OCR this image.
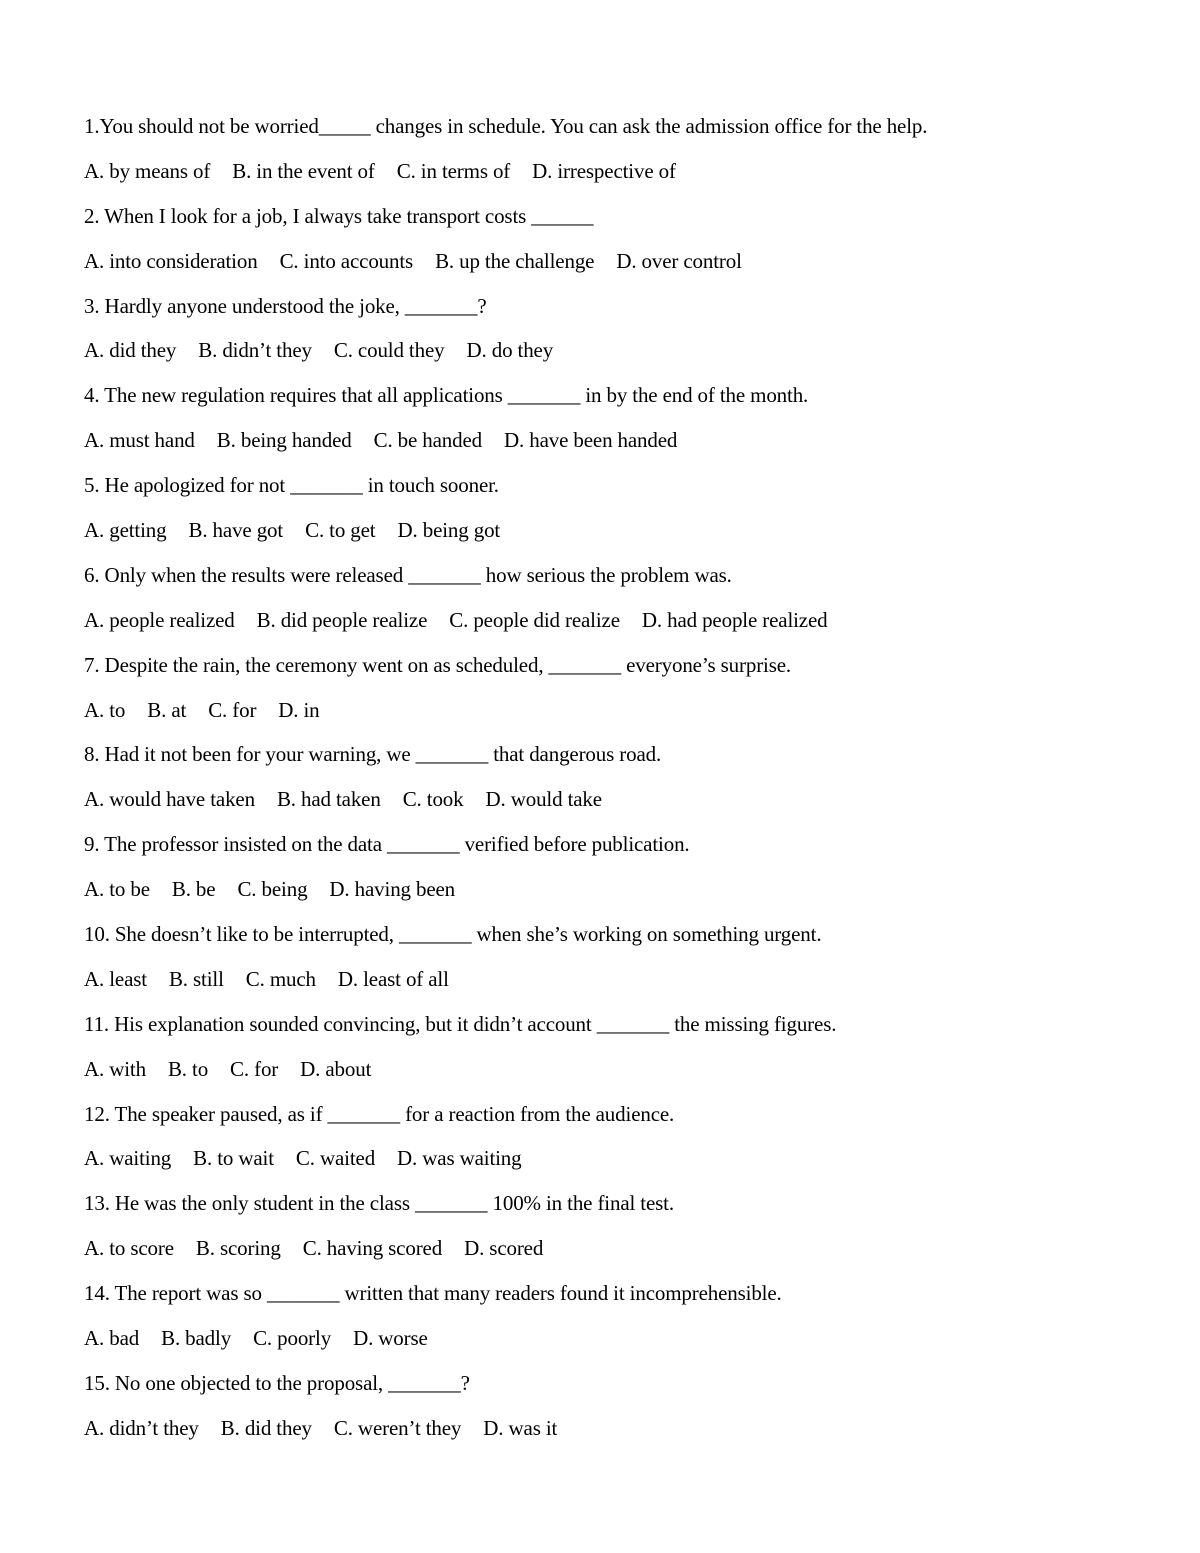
1.You should not be worried_____ changes in schedule. You can ask the admission office for the help.
A. by means of B. in the event of C. in terms of D. irrespective of
2. When I look for a job, I always take transport costs ______
A. into consideration C. into accounts B. up the challenge D. over control
3. Hardly anyone understood the joke, _______?
A. did they B. didn’t they C. could they D. do they
4. The new regulation requires that all applications _______ in by the end of the month.
A. must hand B. being handed C. be handed D. have been handed
5. He apologized for not _______ in touch sooner.
A. getting B. have got C. to get D. being got
6. Only when the results were released _______ how serious the problem was.
A. people realized B. did people realize C. people did realize D. had people realized
7. Despite the rain, the ceremony went on as scheduled, _______ everyone’s surprise.
A. to B. at C. for D. in
8. Had it not been for your warning, we _______ that dangerous road.
A. would have taken B. had taken C. took D. would take
9. The professor insisted on the data _______ verified before publication.
A. to be B. be C. being D. having been
10. She doesn’t like to be interrupted, _______ when she’s working on something urgent.
A. least B. still C. much D. least of all
11. His explanation sounded convincing, but it didn’t account _______ the missing figures.
A. with B. to C. for D. about
12. The speaker paused, as if _______ for a reaction from the audience.
A. waiting B. to wait C. waited D. was waiting
13. He was the only student in the class _______ 100% in the final test.
A. to score B. scoring C. having scored D. scored
14. The report was so _______ written that many readers found it incomprehensible.
A. bad B. badly C. poorly D. worse
15. No one objected to the proposal, _______?
A. didn’t they B. did they C. weren’t they D. was it
